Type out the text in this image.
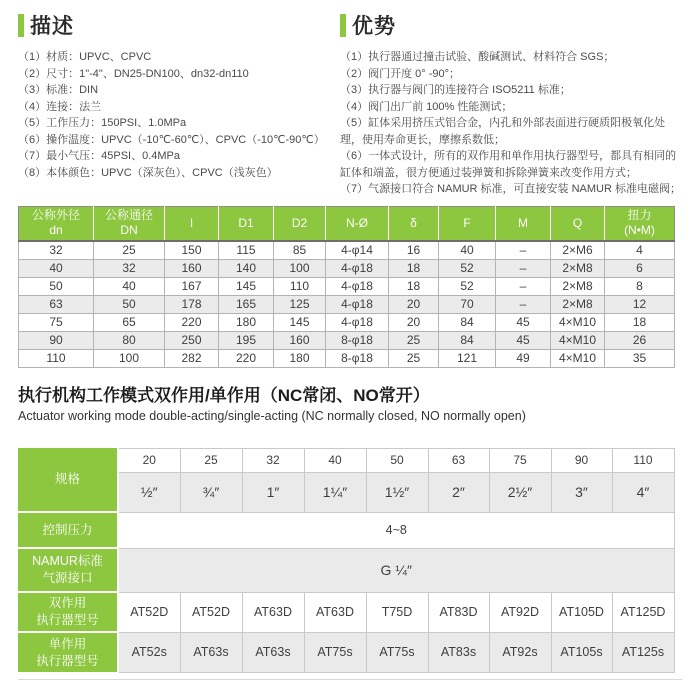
描述
（1）材质：UPVC、CPVC
（2）尺寸：1"-4"、DN25-DN100、dn32-dn110
（3）标准：DIN
（4）连接：法兰
（5）工作压力：150PSI、1.0MPa
（6）操作温度：UPVC（-10℃-60℃）、CPVC（-10℃-90℃）
（7）最小气压：45PSI、0.4MPa
（8）本体颜色：UPVC（深灰色）、CPVC（浅灰色）
优势
（1）执行器通过撞击试验、酸碱测试、材料符合 SGS；
（2）阀门开度 0° -90°；
（3）执行器与阀门的连接符合 ISO5211 标准；
（4）阀门出厂前 100% 性能测试；
（5）缸体采用挤压式铝合金，内孔和外部表面进行硬质阳极氧化处理，使用寿命更长，摩擦系数低；
（6）一体式设计，所有的双作用和单作用执行器型号，都具有相同的缸体和端盖，很方便通过装弹簧和拆除弹簧来改变作用方式；
（7）气源接口符合 NAMUR 标准，可直接安装 NAMUR 标准电磁阀；
公称外径
dn	公称通径
DN	I	D1	D2	N-Ø	δ	F	M	Q	扭力
(N•M)

32	25	150	115	85	4-φ14	16	40	–	2×M6	4
40	32	160	140	100	4-φ18	18	52	–	2×M8	6
50	40	167	145	110	4-φ18	18	52	–	2×M8	8
63	50	178	165	125	4-φ18	20	70	–	2×M8	12
75	65	220	180	145	4-φ18	20	84	45	4×M10	18
90	80	250	195	160	8-φ18	25	84	45	4×M10	26
110	100	282	220	180	8-φ18	25	121	49	4×M10	35
执行机构工作模式双作用/单作用（NC常闭、NO常开）

Actuator working mode double-acting/single-acting (NC normally closed, NO normally open)

规格	20	25	32	40	50	63	75	90	110
	½″	¾″	1″	1¼″	1½″	2″	2½″	3″	4″
控制压力	4~8								

NAMUR标准
气源接口	G ¼″								

双作用
执行器型号	AT52D	AT52D	AT63D	AT63D	T75D	AT83D	AT92D	AT105D	AT125D

单作用
执行器型号	AT52s	AT63s	AT63s	AT75s	AT75s	AT83s	AT92s	AT105s	AT125s
